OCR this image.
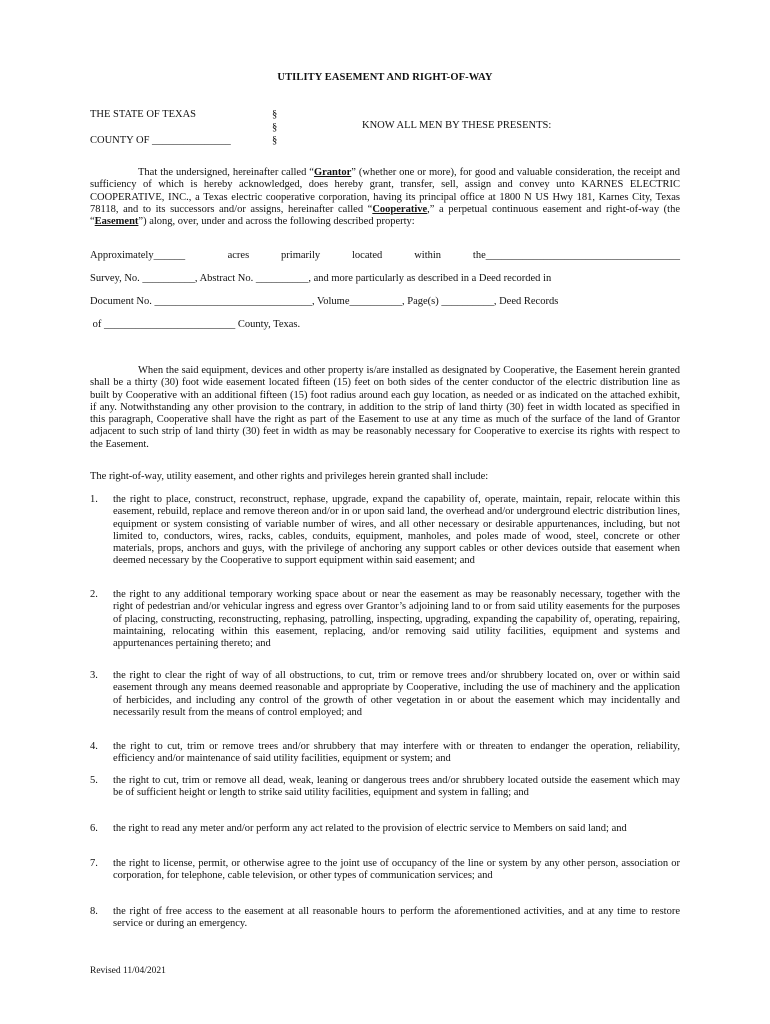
UTILITY EASEMENT AND RIGHT-OF-WAY
THE STATE OF TEXAS

COUNTY OF _______________
§
§
§
KNOW ALL MEN BY THESE PRESENTS:
That the undersigned, hereinafter called “Grantor” (whether one or more), for good and valuable consideration, the receipt and sufficiency of which is hereby acknowledged, does hereby grant, transfer, sell, assign and convey unto KARNES ELECTRIC COOPERATIVE, INC., a Texas electric cooperative corporation, having its principal office at 1800 N US Hwy 181, Karnes City, Texas 78118, and to its successors and/or assigns, hereinafter called “Cooperative,” a perpetual continuous easement and right-of-way (the “Easement”) along, over, under and across the following described property:
Approximately______    acres   primarily   located   within   the_____________________________________
Survey, No. __________, Abstract No. __________, and more particularly as described in a Deed recorded in
Document No. ______________________________, Volume__________, Page(s) __________, Deed Records
of _________________________ County, Texas.
When the said equipment, devices and other property is/are installed as designated by Cooperative, the Easement herein granted shall be a thirty (30) foot wide easement located fifteen (15) feet on both sides of the center conductor of the electric distribution line as built by Cooperative with an additional fifteen (15) foot radius around each guy location, as needed or as indicated on the attached exhibit, if any. Notwithstanding any other provision to the contrary, in addition to the strip of land thirty (30) feet in width located as specified in this paragraph, Cooperative shall have the right as part of the Easement to use at any time as much of the surface of the land of Grantor adjacent to such strip of land thirty (30) feet in width as may be reasonably necessary for Cooperative to exercise its rights with respect to the Easement.
The right-of-way, utility easement, and other rights and privileges herein granted shall include:
1.	the right to place, construct, reconstruct, rephase, upgrade, expand the capability of, operate, maintain, repair, relocate within this easement, rebuild, replace and remove thereon and/or in or upon said land, the overhead and/or underground electric distribution lines, equipment or system consisting of variable number of wires, and all other necessary or desirable appurtenances, including, but not limited to, conductors, wires, racks, cables, conduits, equipment, manholes, and poles made of wood, steel, concrete or other materials, props, anchors and guys, with the privilege of anchoring any support cables or other devices outside that easement when deemed necessary by the Cooperative to support equipment within said easement; and
2.	the right to any additional temporary working space about or near the easement as may be reasonably necessary, together with the right of pedestrian and/or vehicular ingress and egress over Grantor’s adjoining land to or from said utility easements for the purposes of placing, constructing, reconstructing, rephasing, patrolling, inspecting, upgrading, expanding the capability of, operating, repairing, maintaining, relocating within this easement, replacing, and/or removing said utility facilities, equipment and systems and appurtenances pertaining thereto; and
3.	the right to clear the right of way of all obstructions, to cut, trim or remove trees and/or shrubbery located on, over or within said easement through any means deemed reasonable and appropriate by Cooperative, including the use of machinery and the application of herbicides, and including any control of the growth of other vegetation in or about the easement which may incidentally and necessarily result from the means of control employed; and
4.	the right to cut, trim or remove trees and/or shrubbery that may interfere with or threaten to endanger the operation, reliability, efficiency and/or maintenance of said utility facilities, equipment or system; and
5.	the right to cut, trim or remove all dead, weak, leaning or dangerous trees and/or shrubbery located outside the easement which may be of sufficient height or length to strike said utility facilities, equipment and system in falling; and
6.	the right to read any meter and/or perform any act related to the provision of electric service to Members on said land; and
7.	the right to license, permit, or otherwise agree to the joint use of occupancy of the line or system by any other person, association or corporation, for telephone, cable television, or other types of communication services; and
8.	the right of free access to the easement at all reasonable hours to perform the aforementioned activities, and at any time to restore service or during an emergency.
Revised 11/04/2021
